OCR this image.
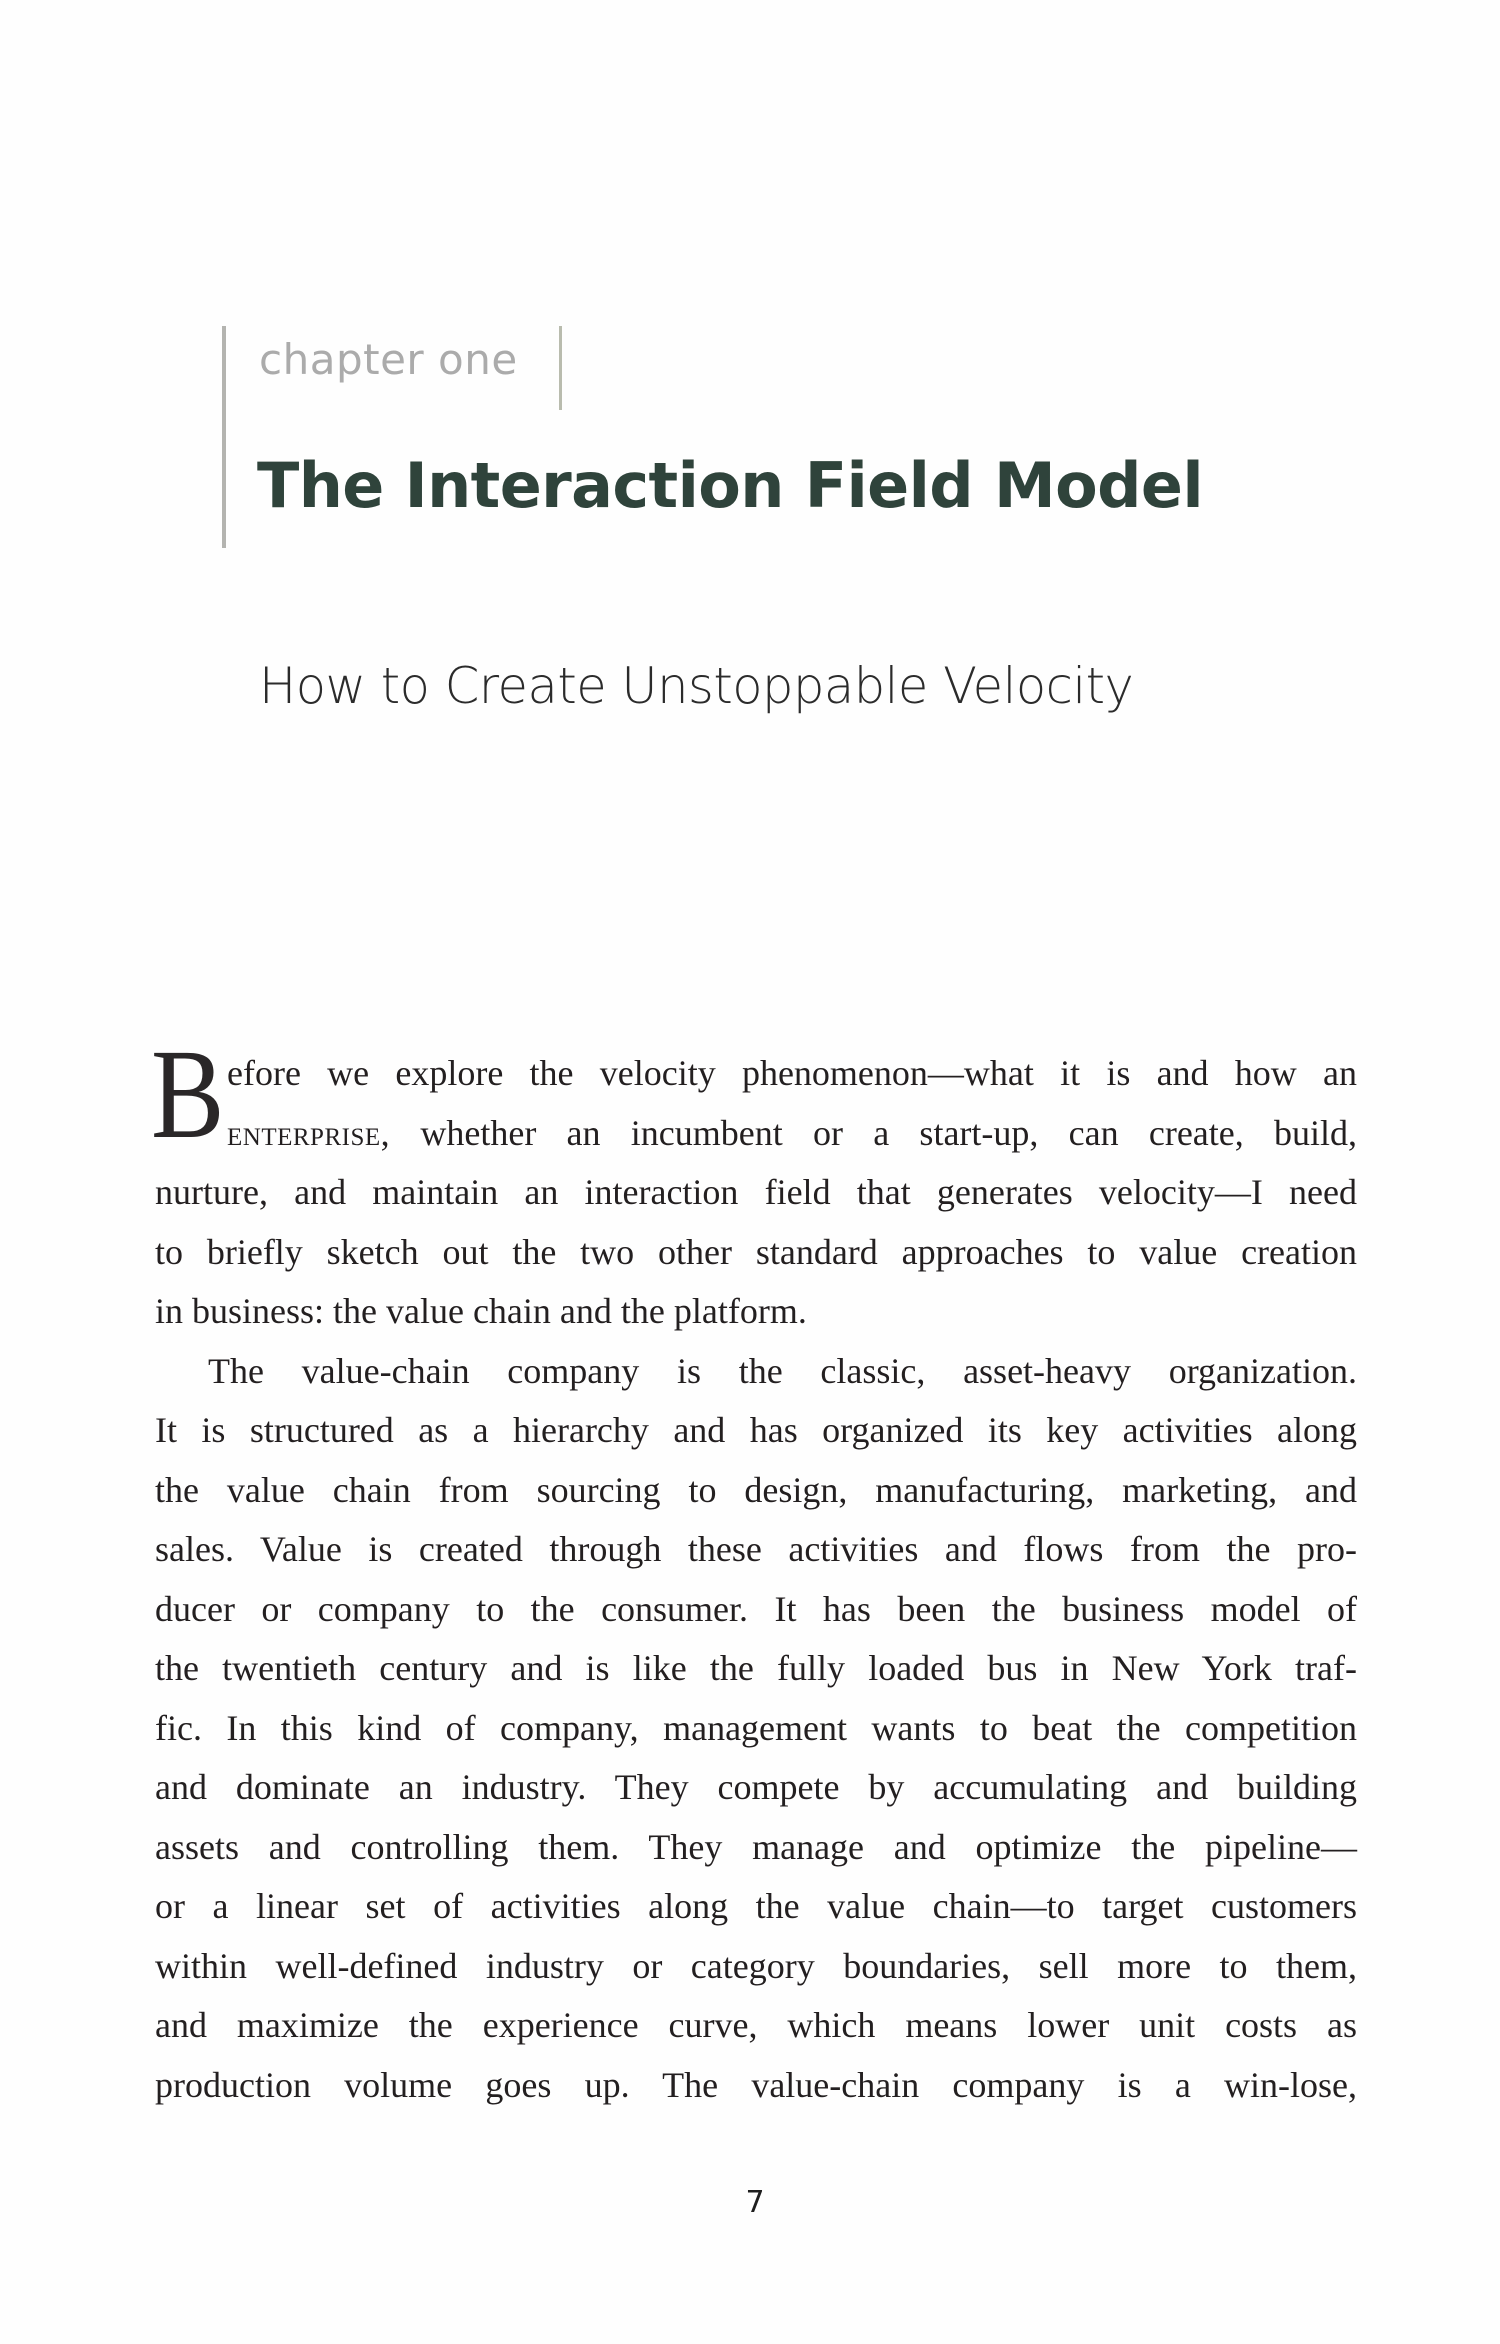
chapter one
The Interaction Field Model
How to Create Unstoppable Velocity
B efore we explore the velocity phenomenon—what it is and how an
enterprise, whether an incumbent or a start-up, can create, build,
nurture, and maintain an interaction field that generates velocity—I need
to briefly sketch out the two other standard approaches to value creation
in business: the value chain and the platform.
The value-chain company is the classic, asset-heavy organization.
It is structured as a hierarchy and has organized its key activities along
the value chain from sourcing to design, manufacturing, marketing, and
sales. Value is created through these activities and flows from the pro-
ducer or company to the consumer. It has been the business model of
the twentieth century and is like the fully loaded bus in New York traf-
fic. In this kind of company, management wants to beat the competition
and dominate an industry. They compete by accumulating and building
assets and controlling them. They manage and optimize the pipeline—
or a linear set of activities along the value chain—to target customers
within well-defined industry or category boundaries, sell more to them,
and maximize the experience curve, which means lower unit costs as
production volume goes up. The value-chain company is a win-lose,
7
